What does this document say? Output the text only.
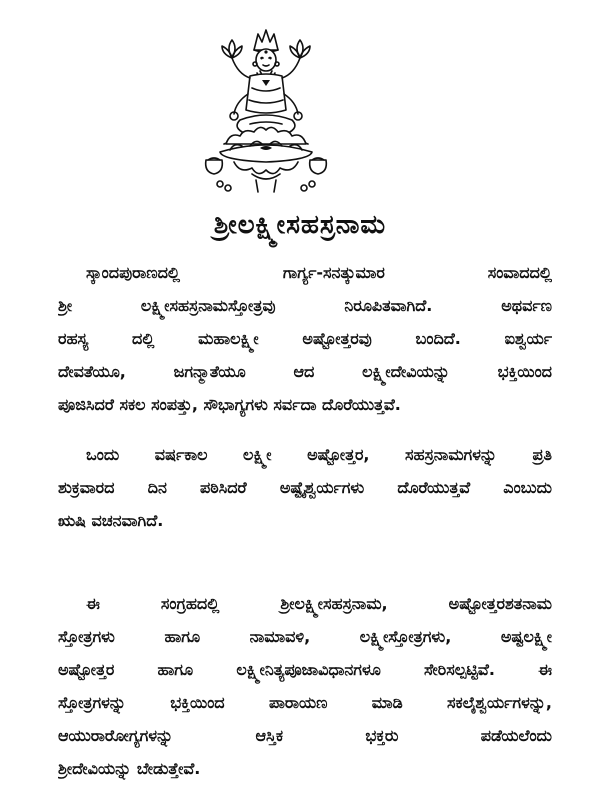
ಶ್ರೀಲಕ್ಷ್ಮೀಸಹಸ್ರನಾಮ
ಸ್ಕಾಂದಪುರಾಣದಲ್ಲಿ ಗಾರ್ಗ್ಯ-ಸನತ್ಕುಮಾರ ಸಂವಾದದಲ್ಲಿ
ಶ್ರೀ ಲಕ್ಷ್ಮೀಸಹಸ್ರನಾಮಸ್ತೋತ್ರವು ನಿರೂಪಿತವಾಗಿದೆ. ಅಥರ್ವಣ
ರಹಸ್ಯ ದಲ್ಲಿ ಮಹಾಲಕ್ಷ್ಮೀ ಅಷ್ಟೋತ್ತರವು ಬಂದಿದೆ. ಐಶ್ವರ್ಯ
ದೇವತೆಯೂ, ಜಗನ್ಮಾತೆಯೂ ಆದ ಲಕ್ಷ್ಮೀದೇವಿಯನ್ನು ಭಕ್ತಿಯಿಂದ
ಪೂಜಿಸಿದರೆ ಸಕಲ ಸಂಪತ್ತು, ಸೌಭಾಗ್ಯಗಳು ಸರ್ವದಾ ದೊರೆಯುತ್ತವೆ.
ಒಂದು ವರ್ಷಕಾಲ ಲಕ್ಷ್ಮೀ ಅಷ್ಟೋತ್ತರ, ಸಹಸ್ರನಾಮಗಳನ್ನು ಪ್ರತಿ
ಶುಕ್ರವಾರದ ದಿನ ಪಠಿಸಿದರೆ ಅಷ್ಟೈಶ್ವರ್ಯಗಳು ದೊರೆಯುತ್ತವೆ ಎಂಬುದು
ಋಷಿ ವಚನವಾಗಿದೆ.
ಈ ಸಂಗ್ರಹದಲ್ಲಿ ಶ್ರೀಲಕ್ಷ್ಮೀಸಹಸ್ರನಾಮ, ಅಷ್ಟೋತ್ತರಶತನಾಮ
ಸ್ತೋತ್ರಗಳು ಹಾಗೂ ನಾಮಾವಳಿ, ಲಕ್ಷ್ಮೀಸ್ತೋತ್ರಗಳು, ಅಷ್ಟಲಕ್ಷ್ಮೀ
ಅಷ್ಟೋತ್ತರ ಹಾಗೂ ಲಕ್ಷ್ಮೀನಿತ್ಯಪೂಜಾವಿಧಾನಗಳೂ ಸೇರಿಸಲ್ಪಟ್ಟಿವೆ. ಈ
ಸ್ತೋತ್ರಗಳನ್ನು ಭಕ್ತಿಯಿಂದ ಪಾರಾಯಣ ಮಾಡಿ ಸಕಲೈಶ್ವರ್ಯಗಳನ್ನು,
ಆಯುರಾರೋಗ್ಯಗಳನ್ನು ಆಸ್ತಿಕ ಭಕ್ತರು ಪಡೆಯಲೆಂದು
ಶ್ರೀದೇವಿಯನ್ನು ಬೇಡುತ್ತೇವೆ.
